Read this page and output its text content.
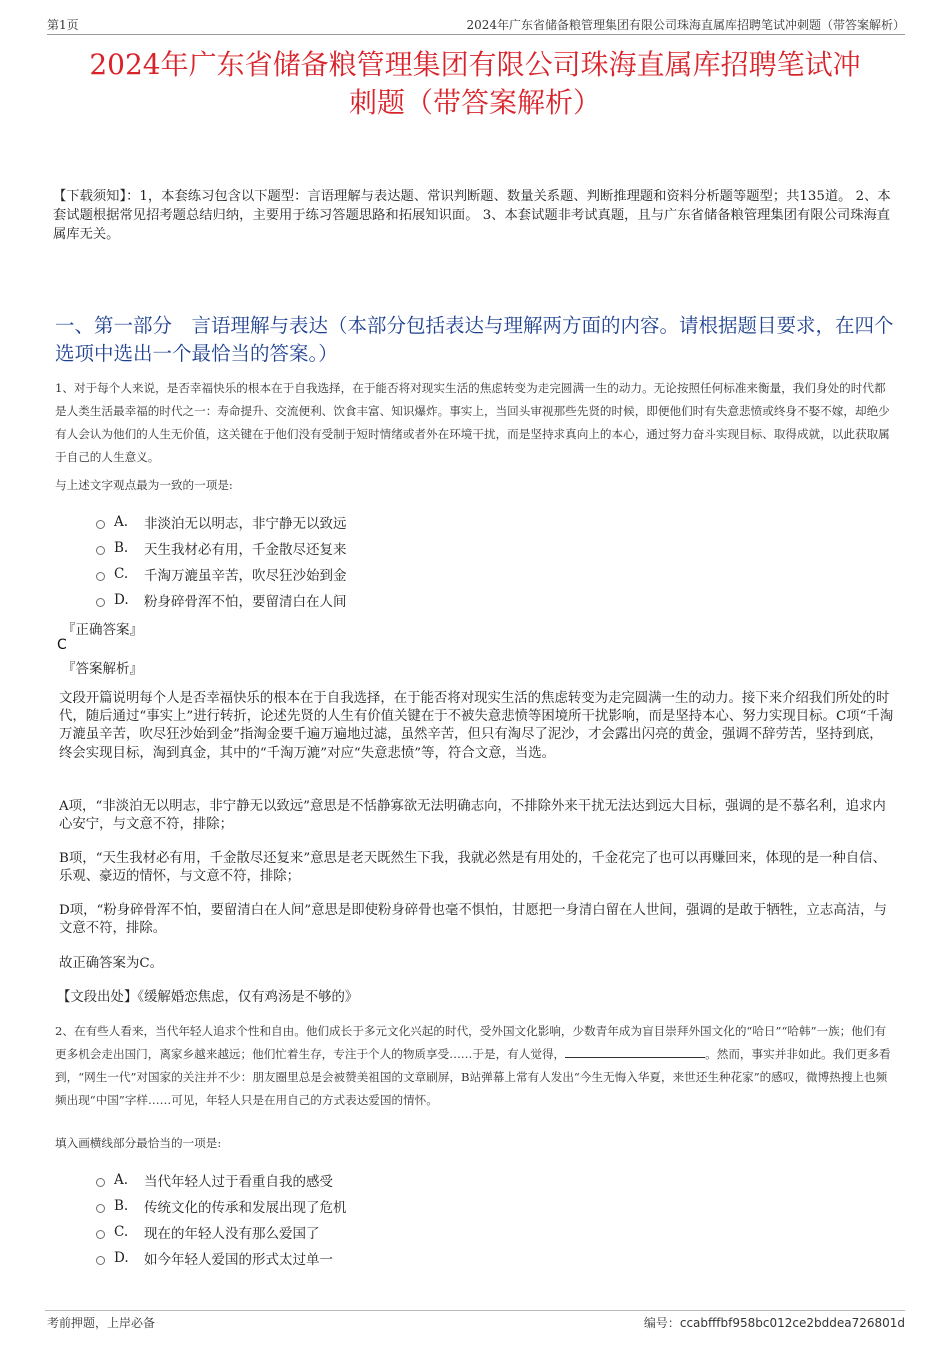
第1页	2024年广东省储备粮管理集团有限公司珠海直属库招聘笔试冲刺题（带答案解析）
2024年广东省储备粮管理集团有限公司珠海直属库招聘笔试冲
刺题（带答案解析）
【下载须知】：1，本套练习包含以下题型：言语理解与表达题、常识判断题、数量关系题、判断推理题和资料分析题等题型；共135道。 2、本套试题根据常见招考题总结归纳，主要用于练习答题思路和拓展知识面。 3、本套试题非考试真题，且与广东省储备粮管理集团有限公司珠海直属库无关。
一、第一部分　言语理解与表达（本部分包括表达与理解两方面的内容。请根据题目要求，在四个选项中选出一个最恰当的答案。）
1、对于每个人来说，是否幸福快乐的根本在于自我选择，在于能否将对现实生活的焦虑转变为走完圆满一生的动力。无论按照任何标准来衡量，我们身处的时代都是人类生活最幸福的时代之一：寿命提升、交流便利、饮食丰富、知识爆炸。事实上，当回头审视那些先贤的时候，即便他们时有失意悲愤或终身不娶不嫁，却绝少有人会认为他们的人生无价值，这关键在于他们没有受制于短时情绪或者外在环境干扰，而是坚持求真向上的本心，通过努力奋斗实现目标、取得成就，以此获取属于自己的人生意义。
与上述文字观点最为一致的一项是:
A.	非淡泊无以明志，非宁静无以致远
B.	天生我材必有用，千金散尽还复来
C.	千淘万漉虽辛苦，吹尽狂沙始到金
D.	粉身碎骨浑不怕，要留清白在人间
『正确答案』
C
『答案解析』
文段开篇说明每个人是否幸福快乐的根本在于自我选择，在于能否将对现实生活的焦虑转变为走完圆满一生的动力。接下来介绍我们所处的时代，随后通过“事实上”进行转折，论述先贤的人生有价值关键在于不被失意悲愤等困境所干扰影响，而是坚持本心、努力实现目标。C项“千淘万漉虽辛苦，吹尽狂沙始到金”指淘金要千遍万遍地过滤，虽然辛苦，但只有淘尽了泥沙，才会露出闪亮的黄金，强调不辞劳苦，坚持到底，终会实现目标，淘到真金，其中的“千淘万漉”对应“失意悲愤”等，符合文意，当选。
A项，“非淡泊无以明志，非宁静无以致远”意思是不恬静寡欲无法明确志向，不排除外来干扰无法达到远大目标，强调的是不慕名利，追求内心安宁，与文意不符，排除；
B项，“天生我材必有用，千金散尽还复来”意思是老天既然生下我，我就必然是有用处的，千金花完了也可以再赚回来，体现的是一种自信、乐观、豪迈的情怀，与文意不符，排除；
D项，“粉身碎骨浑不怕，要留清白在人间”意思是即使粉身碎骨也毫不惧怕，甘愿把一身清白留在人世间，强调的是敢于牺牲，立志高洁，与文意不符，排除。
故正确答案为C。
【文段出处】《缓解婚恋焦虑，仅有鸡汤是不够的》
2、在有些人看来，当代年轻人追求个性和自由。他们成长于多元文化兴起的时代，受外国文化影响，少数青年成为盲目崇拜外国文化的“哈日”“哈韩”一族；他们有更多机会走出国门，离家乡越来越远；他们忙着生存，专注于个人的物质享受……于是，有人觉得，	。然而，事实并非如此。我们更多看到，“网生一代”对国家的关注并不少：朋友圈里总是会被赞美祖国的文章刷屏，B站弹幕上常有人发出“今生无悔入华夏，来世还生种花家”的感叹，微博热搜上也频频出现“中国”字样……可见，年轻人只是在用自己的方式表达爱国的情怀。
填入画横线部分最恰当的一项是:
A.	当代年轻人过于看重自我的感受
B.	传统文化的传承和发展出现了危机
C.	现在的年轻人没有那么爱国了
D.	如今年轻人爱国的形式太过单一
考前押题，上岸必备	编号：ccabfffbf958bc012ce2bddea726801d
